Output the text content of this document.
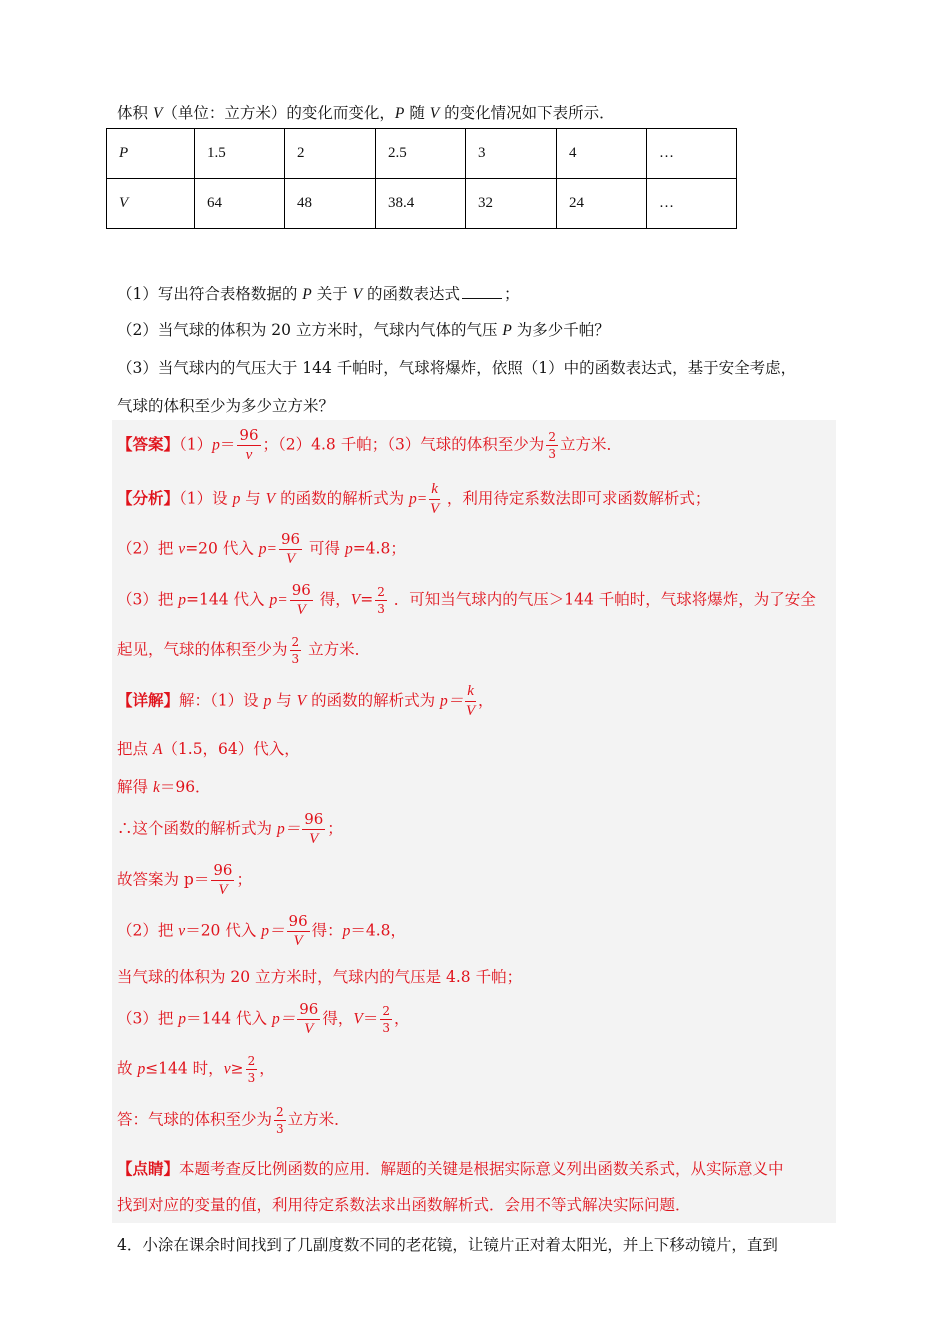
体积 V（单位：立方米）的变化而变化，P 随 V 的变化情况如下表所示．
P	1.5	2	2.5	3	4	…
V	64	48	38.4	32	24	…
（1）写出符合表格数据的 P 关于 V 的函数表达式	；
（2）当气球的体积为 20 立方米时，气球内气体的气压 P 为多少千帕？
（3）当气球内的气压大于 144 千帕时，气球将爆炸，依照（1）中的函数表达式，基于安全考虑，
气球的体积至少为多少立方米？
【答案】$(1)p= \frac{96}{v}$ ；（2）4.8 千帕；（3）气球的体积至少为 $\frac{2}{3}$ 立方米．
【分析】（1）设 p 与 V 的函数的解析式为 $p= \frac{k}{V}$ ，利用待定系数法即可求函数解析式；
（2）把 v=20 代入 $p= \frac{96}{V}$ 可得 p=4.8；
（3）把 p=144 代入 $p= \frac{96}{V}$ 得，$V= \frac{2}{3}$ ．可知当气球内的气压＞144 千帕时，气球将爆炸，为了安全
起见，气球的体积至少为 $\frac{2}{3}$ 立方米．
【详解】解：（1）设 p 与 V 的函数的解析式为 $p= \frac{k}{V}$ ，
把点 A（1.5，64）代入，
解得 k＝96．
∴这个函数的解析式为 $p= \frac{96}{V}$ ；
故答案为 $p= \frac{96}{V}$ ；
（2）把 v＝20 代入 $p= \frac{96}{V}$ 得：p＝4.8，
当气球的体积为 20 立方米时，气球内的气压是 4.8 千帕；
（3）把 p＝144 代入 $p= \frac{96}{V}$ 得，$V= \frac{2}{3}$ ，
故 p≤144 时，$v\ge \frac{2}{3}$ ，
答：气球的体积至少为 $\frac{2}{3}$ 立方米．
【点睛】本题考查反比例函数的应用．解题的关键是根据实际意义列出函数关系式，从实际意义中
找到对应的变量的值，利用待定系数法求出函数解析式．会用不等式解决实际问题．
4．小涂在课余时间找到了几副度数不同的老花镜，让镜片正对着太阳光，并上下移动镜片，直到
